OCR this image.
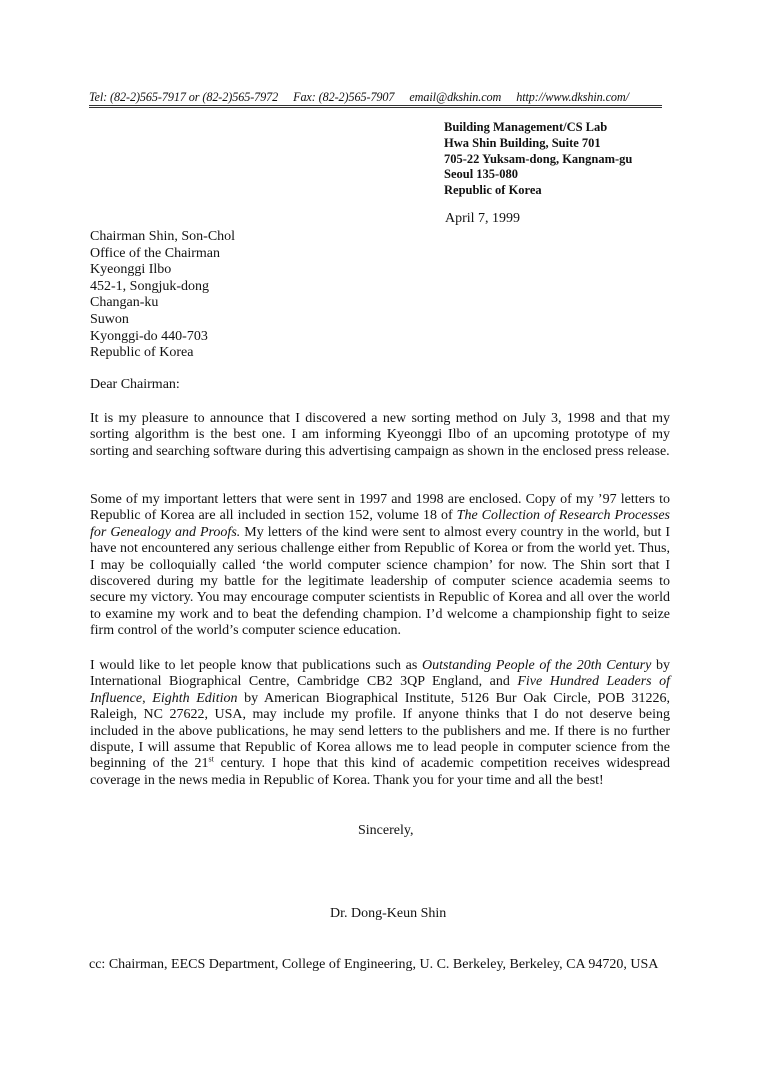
Tel: (82-2)565-7917 or (82-2)565-7972 Fax: (82-2)565-7907 email@dkshin.com http://www.dkshin.com/
Building Management/CS Lab
Hwa Shin Building, Suite 701
705-22 Yuksam-dong, Kangnam-gu
Seoul 135-080
Republic of Korea
April 7, 1999
Chairman Shin, Son-Chol
Office of the Chairman
Kyeonggi Ilbo
452-1, Songjuk-dong
Changan-ku
Suwon
Kyonggi-do 440-703
Republic of Korea
Dear Chairman:
It is my pleasure to announce that I discovered a new sorting method on July 3, 1998 and that my sorting algorithm is the best one. I am informing Kyeonggi Ilbo of an upcoming prototype of my sorting and searching software during this advertising campaign as shown in the enclosed press release.
Some of my important letters that were sent in 1997 and 1998 are enclosed. Copy of my ’97 letters to Republic of Korea are all included in section 152, volume 18 of The Collection of Research Processes for Genealogy and Proofs. My letters of the kind were sent to almost every country in the world, but I have not encountered any serious challenge either from Republic of Korea or from the world yet. Thus, I may be colloquially called ‘the world computer science champion’ for now. The Shin sort that I discovered during my battle for the legitimate leadership of computer science academia seems to secure my victory. You may encourage computer scientists in Republic of Korea and all over the world to examine my work and to beat the defending champion. I’d welcome a championship fight to seize firm control of the world’s computer science education.
I would like to let people know that publications such as Outstanding People of the 20th Century by International Biographical Centre, Cambridge CB2 3QP England, and Five Hundred Leaders of Influence, Eighth Edition by American Biographical Institute, 5126 Bur Oak Circle, POB 31226, Raleigh, NC 27622, USA, may include my profile. If anyone thinks that I do not deserve being included in the above publications, he may send letters to the publishers and me. If there is no further dispute, I will assume that Republic of Korea allows me to lead people in computer science from the beginning of the 21st century. I hope that this kind of academic competition receives widespread coverage in the news media in Republic of Korea. Thank you for your time and all the best!
Sincerely,
Dr. Dong-Keun Shin
cc: Chairman, EECS Department, College of Engineering, U. C. Berkeley, Berkeley, CA 94720, USA
